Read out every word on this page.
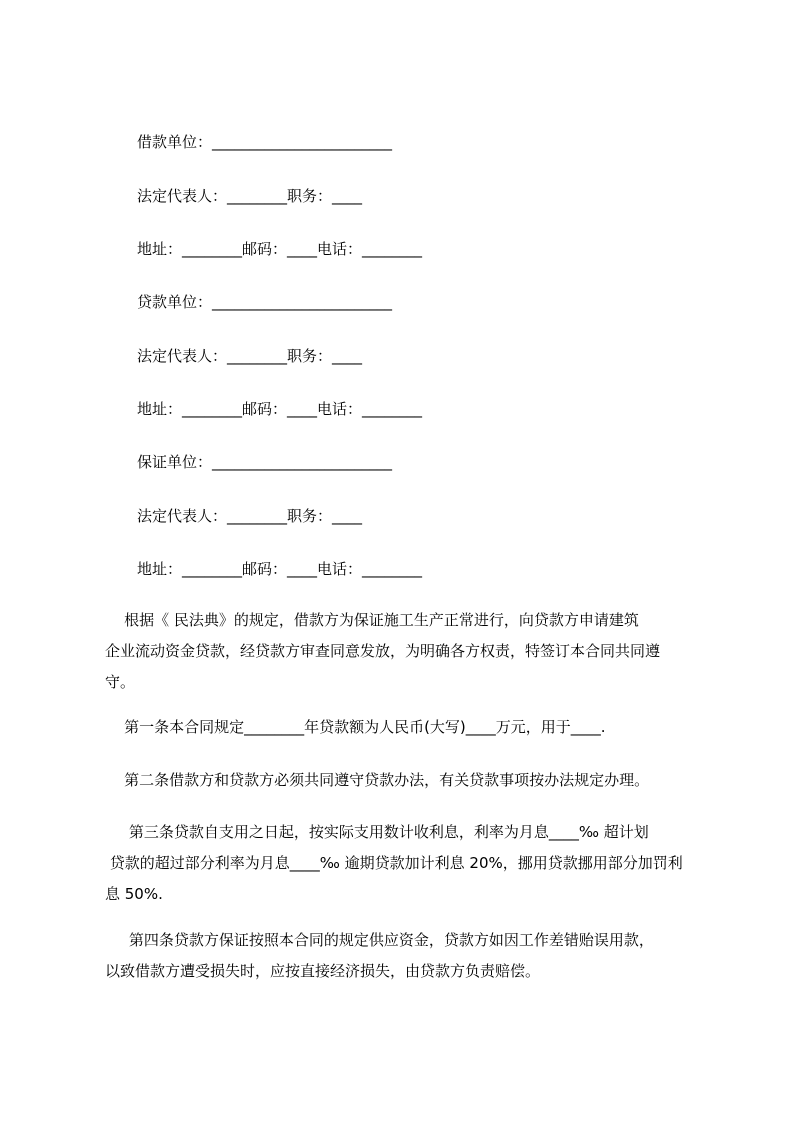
借款单位：________________________
法定代表人：________职务：____
地址：________邮码：____电话：________
贷款单位：________________________
法定代表人：________职务：____
地址：________邮码：____电话：________
保证单位：________________________
法定代表人：________职务：____
地址：________邮码：____电话：________
根据《 民法典》的规定，借款方为保证施工生产正常进行，向贷款方申请建筑
企业流动资金贷款，经贷款方审查同意发放，为明确各方权责，特签订本合同共同遵
守。
第一条本合同规定________年贷款额为人民币(大写)____万元，用于____.
第二条借款方和贷款方必须共同遵守贷款办法，有关贷款事项按办法规定办理。
第三条贷款自支用之日起，按实际支用数计收利息，利率为月息____‰ 超计划
贷款的超过部分利率为月息____‰ 逾期贷款加计利息 20%，挪用贷款挪用部分加罚利
息 50%.
第四条贷款方保证按照本合同的规定供应资金，贷款方如因工作差错贻误用款，
以致借款方遭受损失时，应按直接经济损失，由贷款方负责赔偿。
